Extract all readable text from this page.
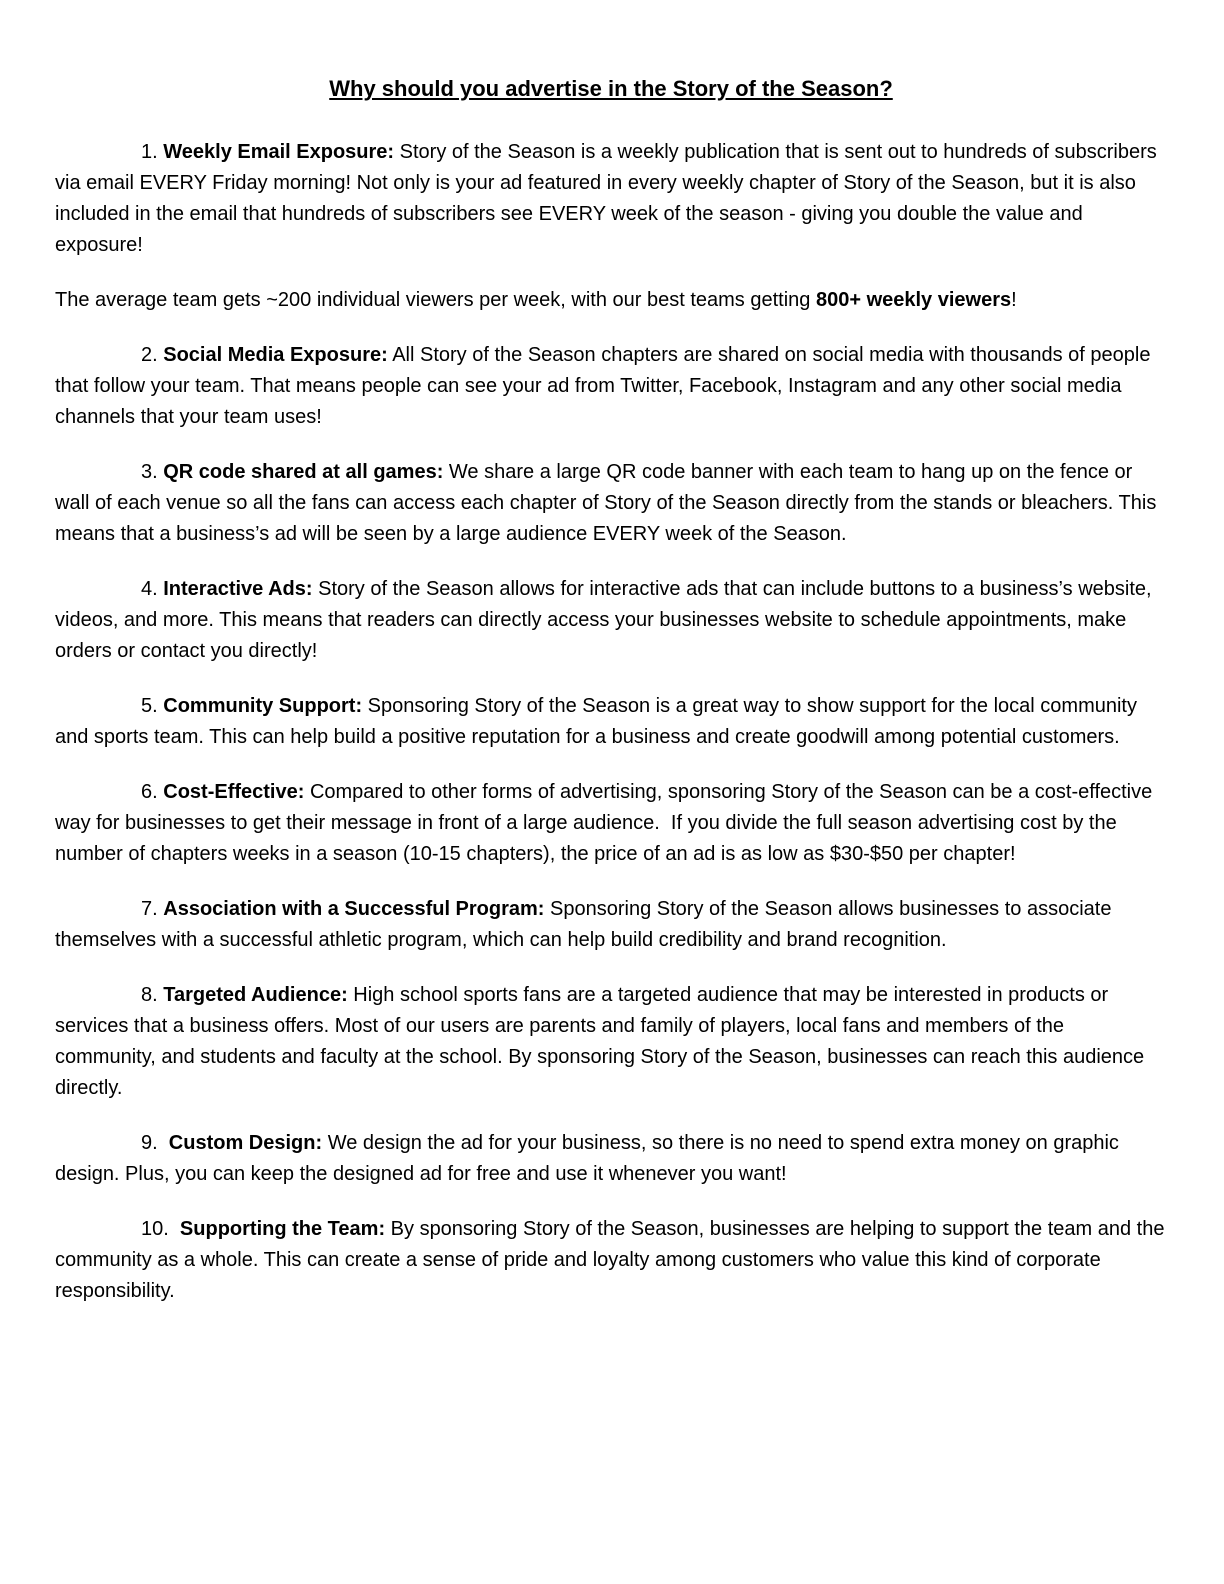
Why should you advertise in the Story of the Season?

1. Weekly Email Exposure: Story of the Season is a weekly publication that is sent out to hundreds of subscribers via email EVERY Friday morning! Not only is your ad featured in every weekly chapter of Story of the Season, but it is also included in the email that hundreds of subscribers see EVERY week of the season - giving you double the value and exposure!

The average team gets ~200 individual viewers per week, with our best teams getting 800+ weekly viewers!

2. Social Media Exposure: All Story of the Season chapters are shared on social media with thousands of people that follow your team. That means people can see your ad from Twitter, Facebook, Instagram and any other social media channels that your team uses!

3. QR code shared at all games: We share a large QR code banner with each team to hang up on the fence or wall of each venue so all the fans can access each chapter of Story of the Season directly from the stands or bleachers. This means that a business’s ad will be seen by a large audience EVERY week of the Season.

4. Interactive Ads: Story of the Season allows for interactive ads that can include buttons to a business’s website, videos, and more. This means that readers can directly access your businesses website to schedule appointments, make orders or contact you directly!

5. Community Support: Sponsoring Story of the Season is a great way to show support for the local community and sports team. This can help build a positive reputation for a business and create goodwill among potential customers.

6. Cost-Effective: Compared to other forms of advertising, sponsoring Story of the Season can be a cost-effective way for businesses to get their message in front of a large audience.  If you divide the full season advertising cost by the number of chapters weeks in a season (10-15 chapters), the price of an ad is as low as $30-$50 per chapter!

7. Association with a Successful Program: Sponsoring Story of the Season allows businesses to associate themselves with a successful athletic program, which can help build credibility and brand recognition.

8. Targeted Audience: High school sports fans are a targeted audience that may be interested in products or services that a business offers. Most of our users are parents and family of players, local fans and members of the community, and students and faculty at the school. By sponsoring Story of the Season, businesses can reach this audience directly.

9.  Custom Design: We design the ad for your business, so there is no need to spend extra money on graphic design. Plus, you can keep the designed ad for free and use it whenever you want!

10.  Supporting the Team: By sponsoring Story of the Season, businesses are helping to support the team and the community as a whole. This can create a sense of pride and loyalty among customers who value this kind of corporate responsibility.
